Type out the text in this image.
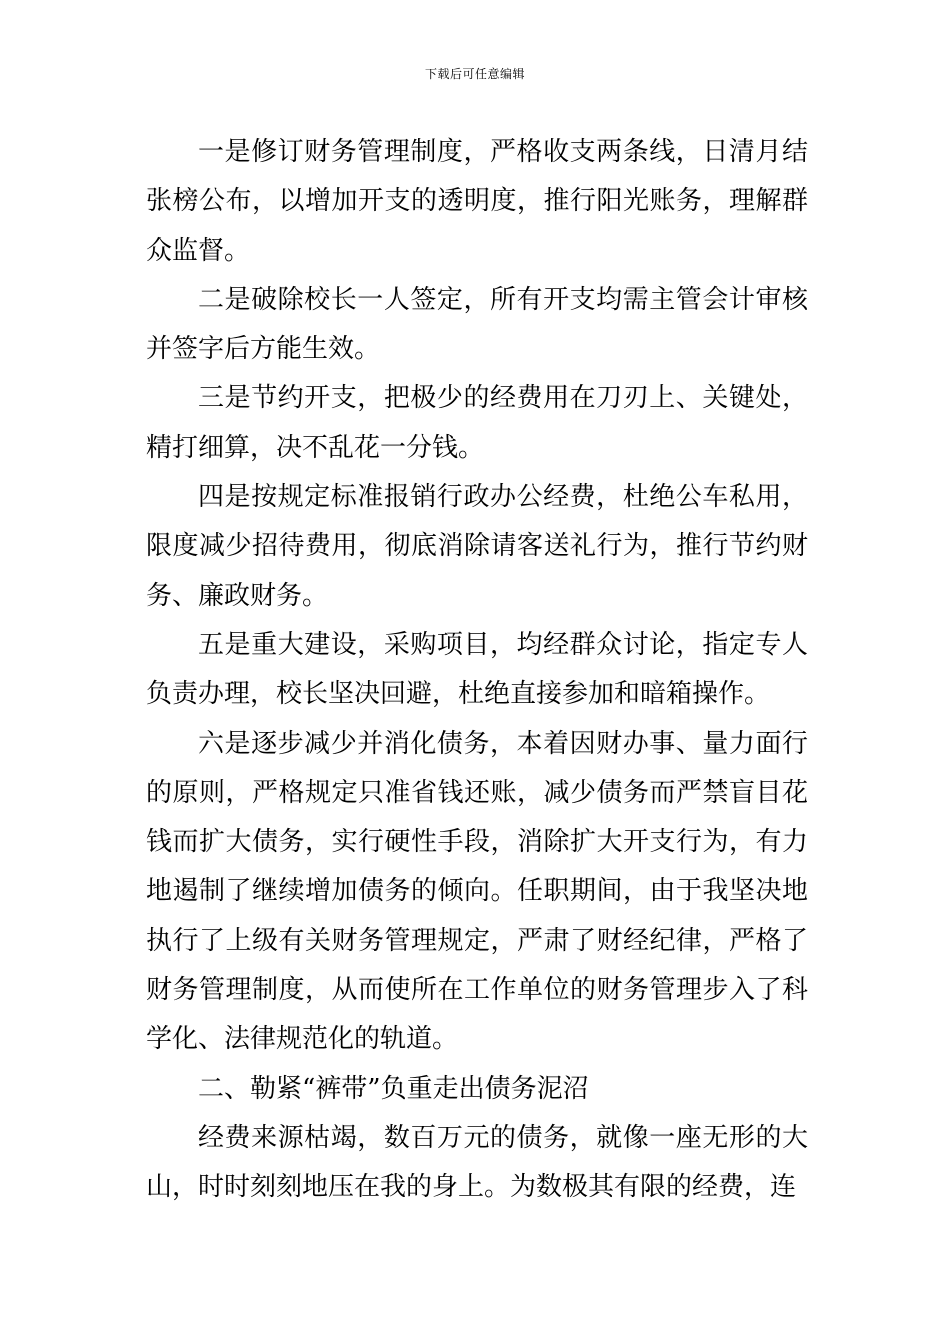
下载后可任意编辑

一是修订财务管理制度，严格收支两条线，日清月结张榜公布，以增加开支的透明度，推行阳光账务，理解群众监督。

二是破除校长一人签定，所有开支均需主管会计审核并签字后方能生效。

三是节约开支，把极少的经费用在刀刃上、关键处，精打细算，决不乱花一分钱。

四是按规定标准报销行政办公经费，杜绝公车私用，限度减少招待费用，彻底消除请客送礼行为，推行节约财务、廉政财务。

五是重大建设，采购项目，均经群众讨论，指定专人负责办理，校长坚决回避，杜绝直接参加和暗箱操作。

六是逐步减少并消化债务，本着因财办事、量力面行的原则，严格规定只准省钱还账，减少债务而严禁盲目花钱而扩大债务，实行硬性手段，消除扩大开支行为，有力地遏制了继续增加债务的倾向。任职期间，由于我坚决地执行了上级有关财务管理规定，严肃了财经纪律，严格了财务管理制度，从而使所在工作单位的财务管理步入了科学化、法律规范化的轨道。

二、勒紧“裤带”负重走出债务泥沼

经费来源枯竭，数百万元的债务，就像一座无形的大山，时时刻刻地压在我的身上。为数极其有限的经费，连
